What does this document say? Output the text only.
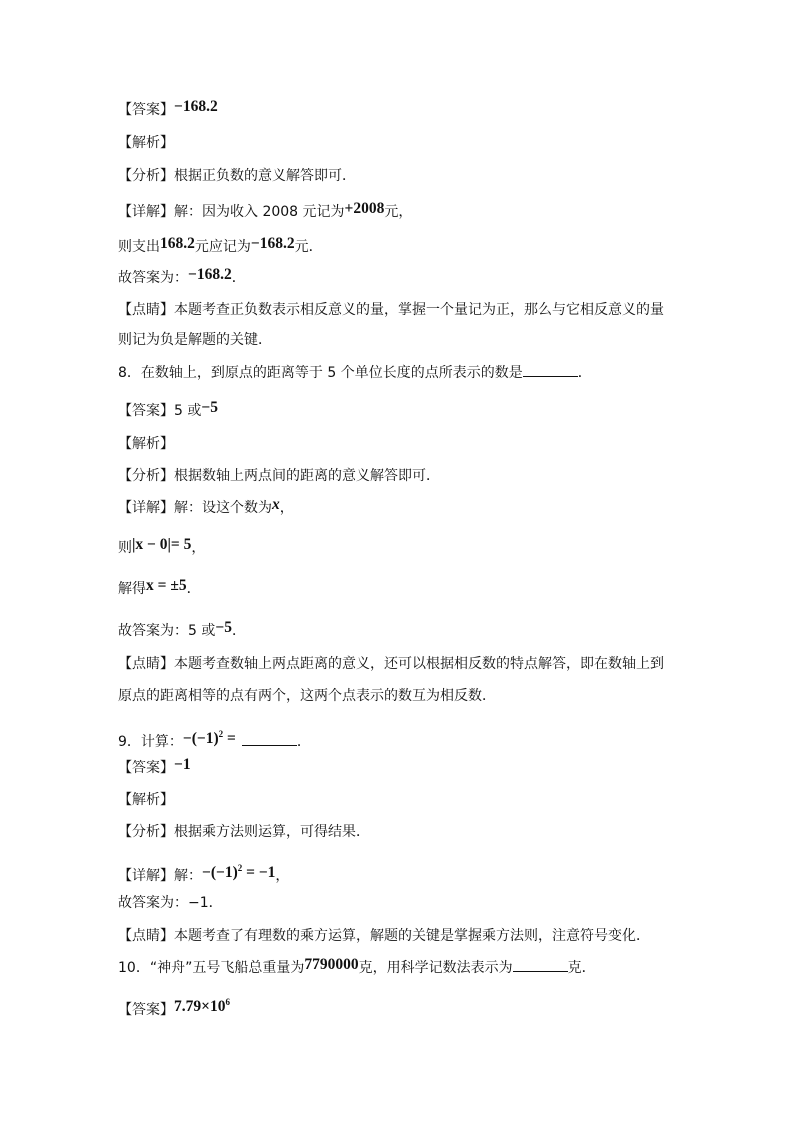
【答案】−168.2
【解析】
【分析】根据正负数的意义解答即可．
【详解】解：因为收入 2008 元记为+2008元，
则支出168.2元应记为−168.2元．
故答案为：−168.2．
【点睛】本题考查正负数表示相反意义的量，掌握一个量记为正，那么与它相反意义的量
则记为负是解题的关键．
8．在数轴上，到原点的距离等于 5 个单位长度的点所表示的数是	．
【答案】5 或−5
【解析】
【分析】根据数轴上两点间的距离的意义解答即可．
【详解】解：设这个数为x，
则|x − 0|= 5，
解得x = ±5．
故答案为：5 或−5．
【点睛】本题考查数轴上两点距离的意义，还可以根据相反数的特点解答，即在数轴上到
原点的距离相等的点有两个，这两个点表示的数互为相反数．
9．计算：$-(-1)^2$ =	．
【答案】−1
【解析】
【分析】根据乘方法则运算，可得结果．
【详解】解：$-(-1)^2 = -1$，
故答案为：−1．
【点睛】本题考查了有理数的乘方运算，解题的关键是掌握乘方法则，注意符号变化．
10．“神舟”五号飞船总重量为7790000克，用科学记数法表示为	克．
【答案】$7.79\times 10^6$
